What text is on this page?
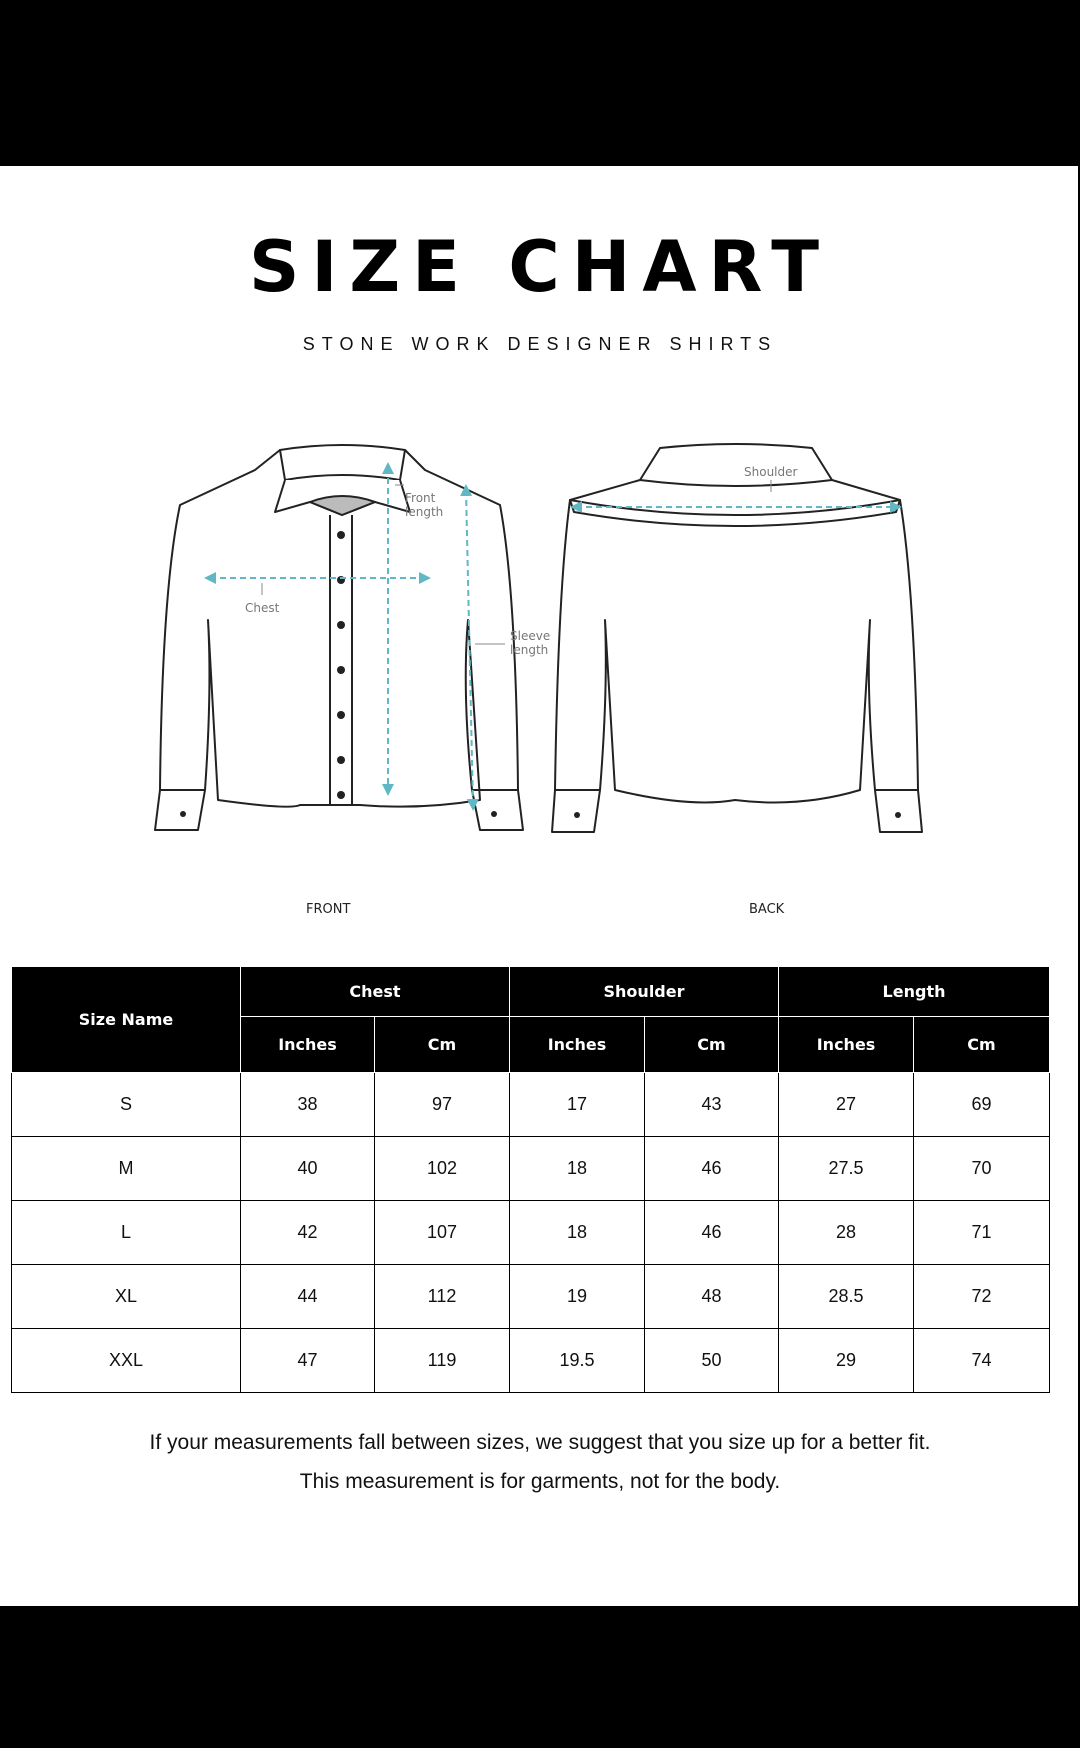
SIZE CHART
STONE WORK DESIGNER SHIRTS
Chest
Front
length
Sleeve
length
Shoulder
FRONT	BACK
Size Name	Chest		Shoulder		Length	
	Inches	Cm	Inches	Cm	Inches	Cm
S	38	97	17	43	27	69
M	40	102	18	46	27.5	70
L	42	107	18	46	28	71
XL	44	112	19	48	28.5	72
XXL	47	119	19.5	50	29	74
If your measurements fall between sizes, we suggest that you size up for a better fit.
This measurement is for garments, not for the body.
